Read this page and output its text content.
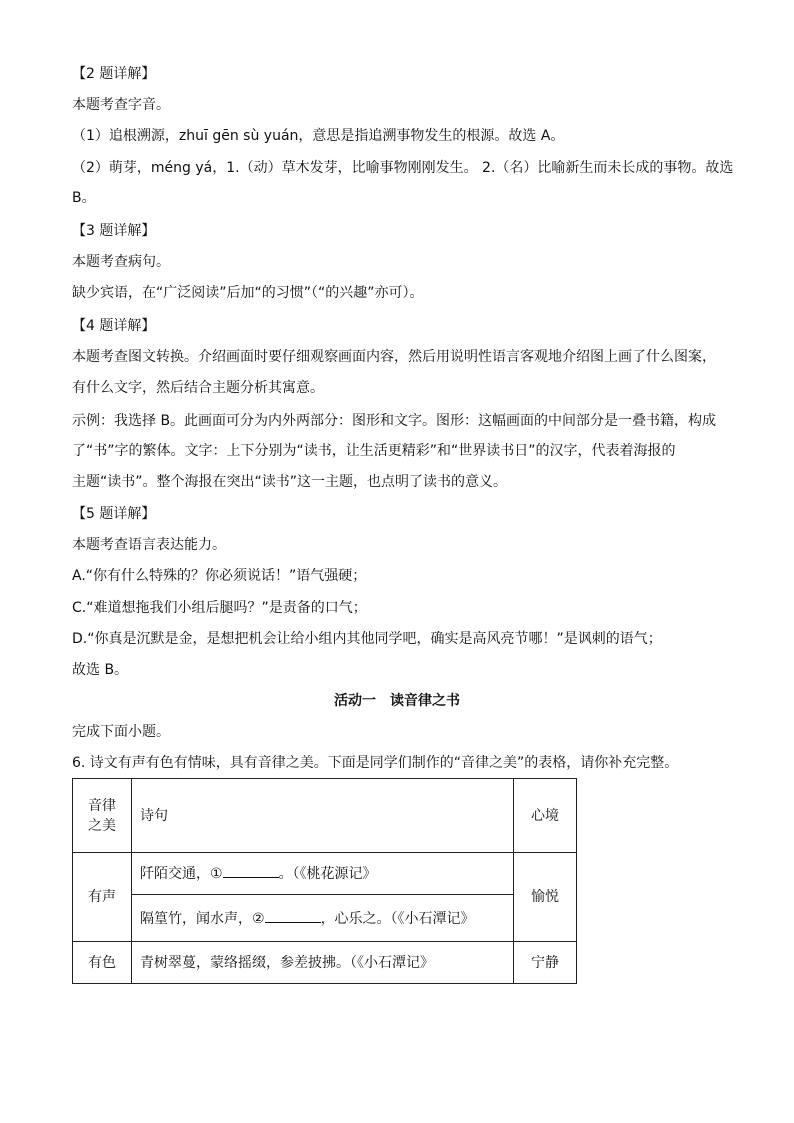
【2 题详解】
本题考查字音。
（1）追根溯源，zhuī gēn sù yuán，意思是指追溯事物发生的根源。故选 A。
（2）萌芽，méng yá，1.（动）草木发芽，比喻事物刚刚发生。 2.（名）比喻新生而未长成的事物。故选
B。
【3 题详解】
本题考查病句。
缺少宾语，在“广泛阅读”后加“的习惯”（“的兴趣”亦可）。
【4 题详解】
本题考查图文转换。介绍画面时要仔细观察画面内容，然后用说明性语言客观地介绍图上画了什么图案，
有什么文字，然后结合主题分析其寓意。
示例：我选择 B。此画面可分为内外两部分：图形和文字。图形：这幅画面的中间部分是一叠书籍，构成
了“书”字的繁体。文字：上下分别为“读书，让生活更精彩”和“世界读书日”的汉字，代表着海报的
主题“读书”。整个海报在突出“读书”这一主题，也点明了读书的意义。
【5 题详解】
本题考查语言表达能力。
A.“你有什么特殊的？你必须说话！”语气强硬；
C.“难道想拖我们小组后腿吗？”是责备的口气；
D.“你真是沉默是金，是想把机会让给小组内其他同学吧，确实是高风亮节哪！”是讽刺的语气；
故选 B。
活动一　读音律之书
完成下面小题。
6. 诗文有声有色有情味，具有音律之美。下面是同学们制作的“音律之美”的表格，请你补充完整。
音律之美	诗句	心境
有声	阡陌交通，① 。（《桃花源记》	愉悦
	隔篁竹，闻水声，② ，心乐之。（《小石潭记》	
有色	青树翠蔓，蒙络摇缀，参差披拂。（《小石潭记》	宁静
